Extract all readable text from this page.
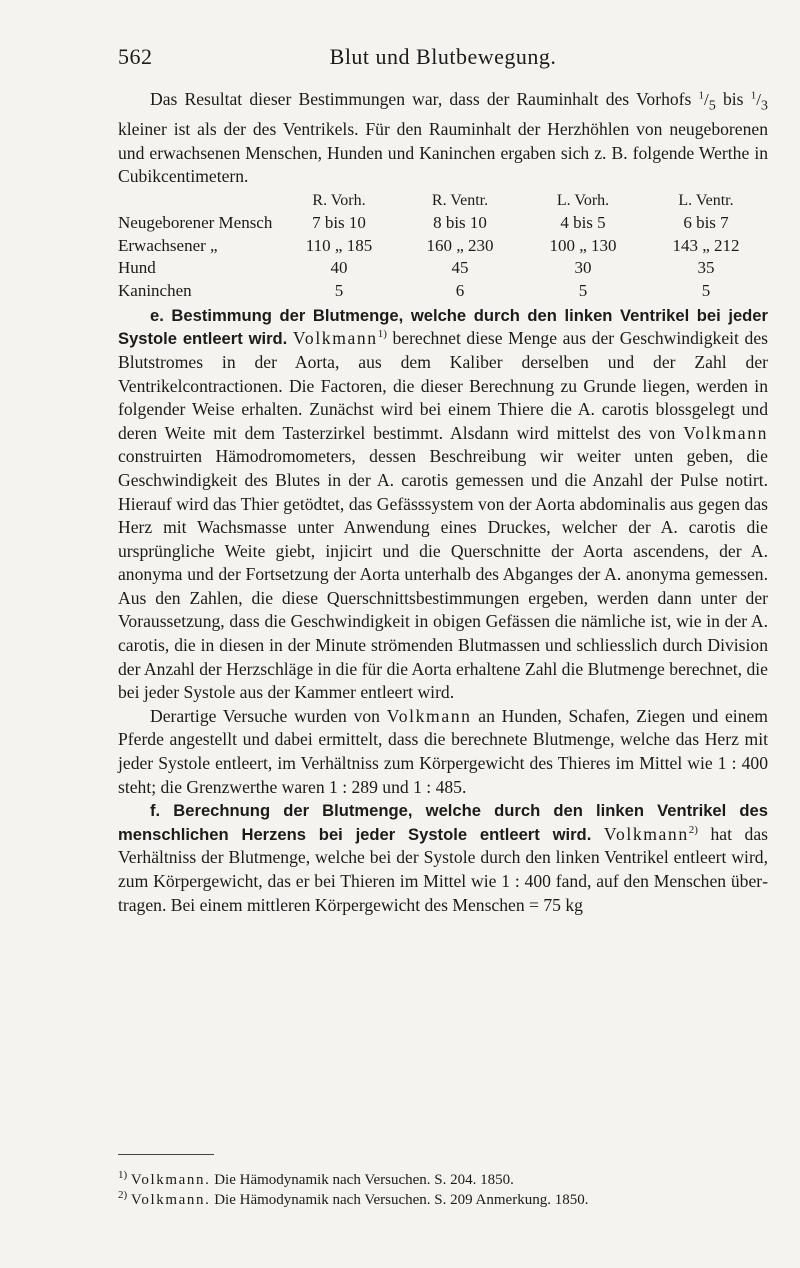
562	Blut und Blutbewegung.

Das Resultat dieser Bestimmungen war, dass der Rauminhalt des Vorhofs $^1/_5$ bis $^1/_3$ kleiner ist als der des Ventrikels. Für den Rauminhalt der Herzhöhlen von neugeborenen und erwachsenen Menschen, Hunden und Kaninchen ergaben sich z. B. folgende Werthe in Cubikcentimetern.

	R. Vorh.	R. Ventr.	L. Vorh.	L. Ventr.
Neugeborener Mensch	7 bis 10	8 bis 10	4 bis 5	6 bis 7
Erwachsener „	110 „ 185	160 „ 230	100 „ 130	143 „ 212
Hund	40	45	30	35
Kaninchen	5	6	5	5

e. Bestimmung der Blutmenge, welche durch den linken Ventrikel bei jeder Systole entleert wird. Volkmann$^{1)}$ berechnet diese Menge aus der Geschwindigkeit des Blutstromes in der Aorta, aus dem Kaliber derselben und der Zahl der Ventrikelcontractionen. Die Factoren, die dieser Berechnung zu Grunde liegen, werden in folgender Weise erhalten. Zunächst wird bei einem Thiere die A. carotis blossgelegt und deren Weite mit dem Tasterzirkel bestimmt. Alsdann wird mittelst des von Volkmann construirten Hämodromometers, dessen Beschreibung wir weiter unten geben, die Geschwindigkeit des Blutes in der A. carotis gemessen und die Anzahl der Pulse notirt. Hierauf wird das Thier getödtet, das Gefässsystem von der Aorta abdominalis aus gegen das Herz mit Wachsmasse unter Anwendung eines Druckes, welcher der A. carotis die ursprüngliche Weite giebt, injicirt und die Querschnitte der Aorta ascendens, der A. anonyma und der Fortsetzung der Aorta unterhalb des Abganges der A. anonyma gemessen. Aus den Zahlen, die diese Querschnittsbestimmungen ergeben, werden dann unter der Voraussetzung, dass die Geschwindigkeit in obigen Gefässen die nämliche ist, wie in der A. carotis, die in diesen in der Minute strömenden Blutmassen und schliesslich durch Division der Anzahl der Herzschläge in die für die Aorta erhaltene Zahl die Blutmenge berechnet, die bei jeder Systole aus der Kammer entleert wird.

Derartige Versuche wurden von Volkmann an Hunden, Schafen, Ziegen und einem Pferde angestellt und dabei ermittelt, dass die berechnete Blutmenge, welche das Herz mit jeder Systole entleert, im Verhältniss zum Körpergewicht des Thieres im Mittel wie 1 : 400 steht; die Grenzwerthe waren 1 : 289 und 1 : 485.

f. Berechnung der Blutmenge, welche durch den linken Ventrikel des menschlichen Herzens bei jeder Systole entleert wird. Volkmann$^{2)}$ hat das Verhältniss der Blutmenge, welche bei der Systole durch den linken Ventrikel entleert wird, zum Körpergewicht, das er bei Thieren im Mittel wie 1 : 400 fand, auf den Menschen übertragen. Bei einem mittleren Körpergewicht des Menschen = 75 kg

$^{1)}$ Volkmann. Die Hämodynamik nach Versuchen. S. 204. 1850.
$^{2)}$ Volkmann. Die Hämodynamik nach Versuchen. S. 209 Anmerkung. 1850.
